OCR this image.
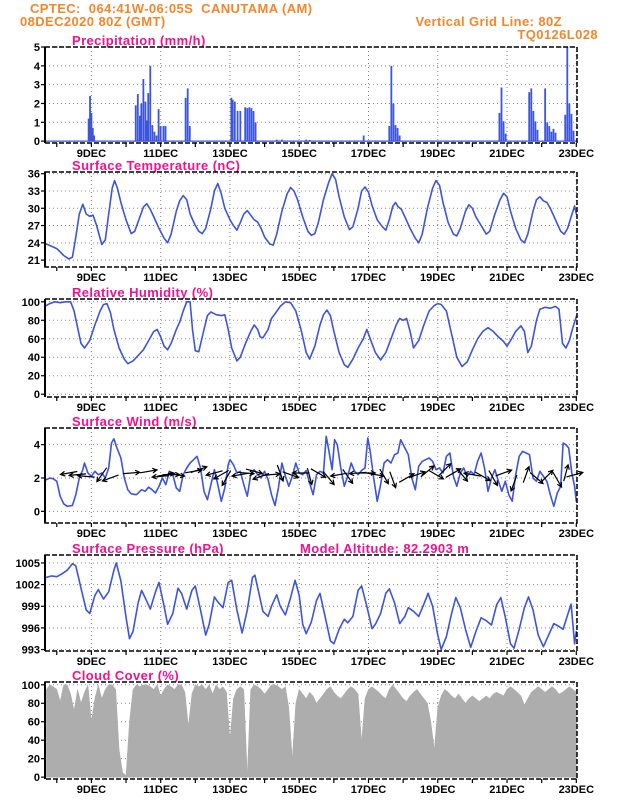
CPTEC:  064:41W-06:05S  CANUTAMA (AM)
08DEC2020 80Z (GMT)	Vertical Grid Line: 80Z
TQ0126L028
Precipitation (mm/h)
Surface Temperature (nC)
Relative Humidity (%)
Surface Wind (m/s)
Surface Pressure (hPa)	Model Altitude: 82.2903 m
Cloud Cover (%)
0
1
2
3
4
5
9DEC	11DEC	13DEC	15DEC	17DEC	19DEC	21DEC	23DEC
21
24
27
30
33
36
9DEC	11DEC	13DEC	15DEC	17DEC	19DEC	21DEC	23DEC
0
20
40
60
80
100
9DEC	11DEC	13DEC	15DEC	17DEC	19DEC	21DEC	23DEC
0
2
4
9DEC	11DEC	13DEC	15DEC	17DEC	19DEC	21DEC	23DEC
993
996
999
1002
1005
9DEC	11DEC	13DEC	15DEC	17DEC	19DEC	21DEC	23DEC
0
20
40
60
80
100
9DEC	11DEC	13DEC	15DEC	17DEC	19DEC	21DEC	23DEC
